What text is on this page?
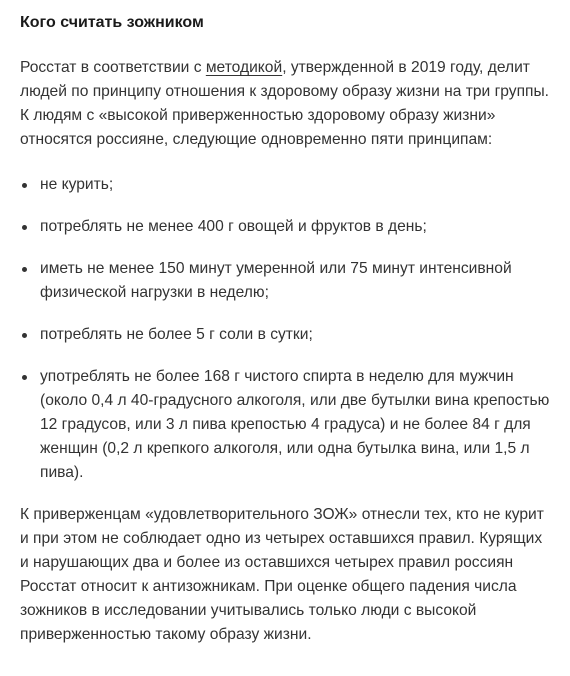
Кого считать зожником

Росстат в соответствии с методикой, утвержденной в 2019 году, делит людей по принципу отношения к здоровому образу жизни на три группы. К людям с «высокой приверженностью здоровому образу жизни» относятся россияне, следующие одновременно пяти принципам:

не курить;
потреблять не менее 400 г овощей и фруктов в день;
иметь не менее 150 минут умеренной или 75 минут интенсивной физической нагрузки в неделю;
потреблять не более 5 г соли в сутки;
употреблять не более 168 г чистого спирта в неделю для мужчин (около 0,4 л 40-градусного алкоголя, или две бутылки вина крепостью 12 градусов, или 3 л пива крепостью 4 градуса) и не более 84 г для женщин (0,2 л крепкого алкоголя, или одна бутылка вина, или 1,5 л пива).

К приверженцам «удовлетворительного ЗОЖ» отнесли тех, кто не курит и при этом не соблюдает одно из четырех оставшихся правил. Курящих и нарушающих два и более из оставшихся четырех правил россиян Росстат относит к антизожникам. При оценке общего падения числа зожников в исследовании учитывались только люди с высокой приверженностью такому образу жизни.
